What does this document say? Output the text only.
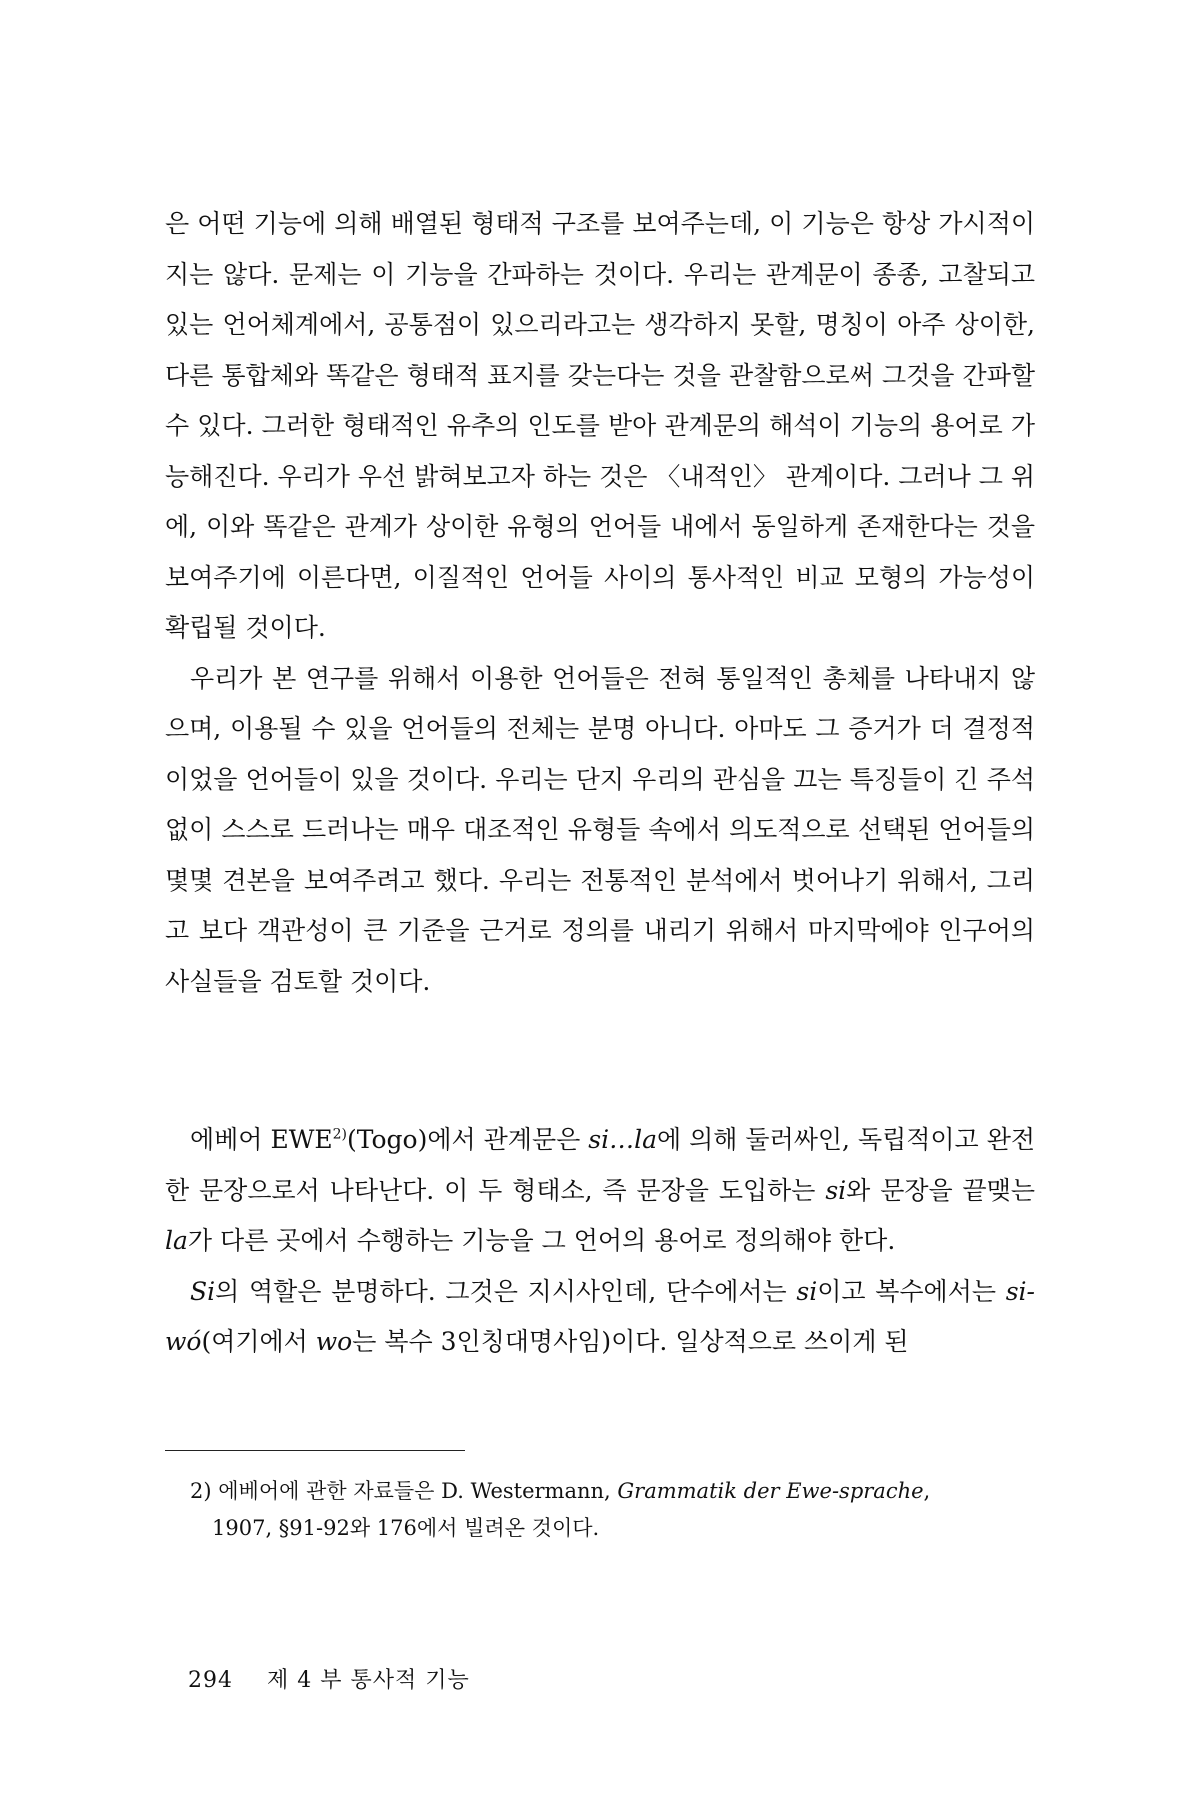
은 어떤 기능에 의해 배열된 형태적 구조를 보여주는데, 이 기능은 항상 가시적이지는 않다. 문제는 이 기능을 간파하는 것이다. 우리는 관계문이 종종, 고찰되고 있는 언어체계에서, 공통점이 있으리라고는 생각하지 못할, 명칭이 아주 상이한, 다른 통합체와 똑같은 형태적 표지를 갖는다는 것을 관찰함으로써 그것을 간파할 수 있다. 그러한 형태적인 유추의 인도를 받아 관계문의 해석이 기능의 용어로 가능해진다. 우리가 우선 밝혀보고자 하는 것은 〈내적인〉 관계이다. 그러나 그 위에, 이와 똑같은 관계가 상이한 유형의 언어들 내에서 동일하게 존재한다는 것을 보여주기에 이른다면, 이질적인 언어들 사이의 통사적인 비교 모형의 가능성이 확립될 것이다.

우리가 본 연구를 위해서 이용한 언어들은 전혀 통일적인 총체를 나타내지 않으며, 이용될 수 있을 언어들의 전체는 분명 아니다. 아마도 그 증거가 더 결정적이었을 언어들이 있을 것이다. 우리는 단지 우리의 관심을 끄는 특징들이 긴 주석 없이 스스로 드러나는 매우 대조적인 유형들 속에서 의도적으로 선택된 언어들의 몇몇 견본을 보여주려고 했다. 우리는 전통적인 분석에서 벗어나기 위해서, 그리고 보다 객관성이 큰 기준을 근거로 정의를 내리기 위해서 마지막에야 인구어의 사실들을 검토할 것이다.

에베어 EWE$^{2)}$(Togo)에서 관계문은 si…la에 의해 둘러싸인, 독립적이고 완전한 문장으로서 나타난다. 이 두 형태소, 즉 문장을 도입하는 si와 문장을 끝맺는 la가 다른 곳에서 수행하는 기능을 그 언어의 용어로 정의해야 한다.

Si의 역할은 분명하다. 그것은 지시사인데, 단수에서는 si이고 복수에서는 si-wó(여기에서 wo는 복수 3인칭대명사임)이다. 일상적으로 쓰이게 된

2) 에베어에 관한 자료들은 D. Westermann, Grammatik der Ewe-sprache,
1907, §91-92와 176에서 빌려온 것이다.
294 제 4 부 통사적 기능
